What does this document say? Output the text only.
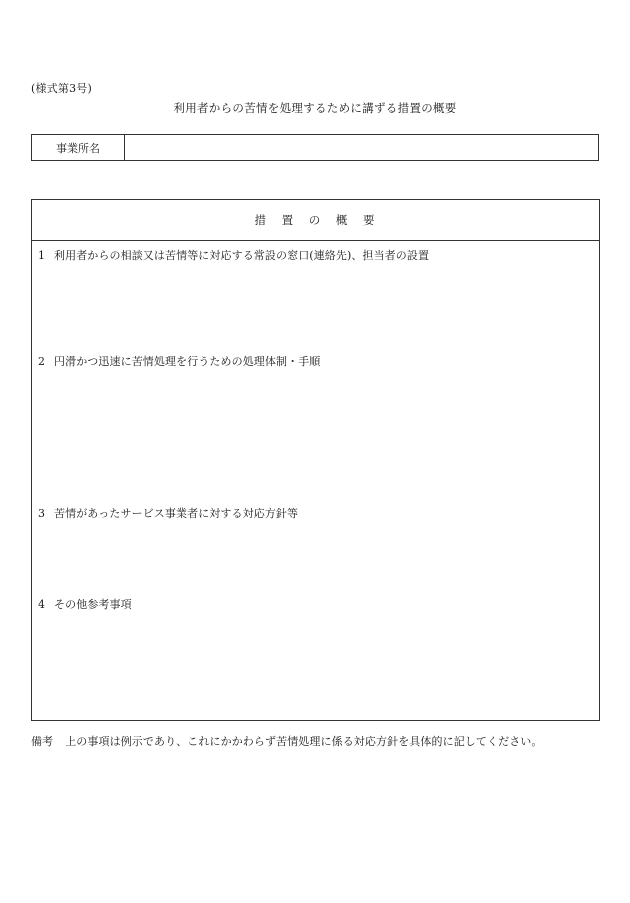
(様式第3号)
利用者からの苦情を処理するために講ずる措置の概要
事業所名
措 置 の 概 要
1 利用者からの相談又は苦情等に対応する常設の窓口(連絡先)、担当者の設置
2 円滑かつ迅速に苦情処理を行うための処理体制・手順
3 苦情があったサービス事業者に対する対応方針等
4 その他参考事項
備考 上の事項は例示であり、これにかかわらず苦情処理に係る対応方針を具体的に記してください。
